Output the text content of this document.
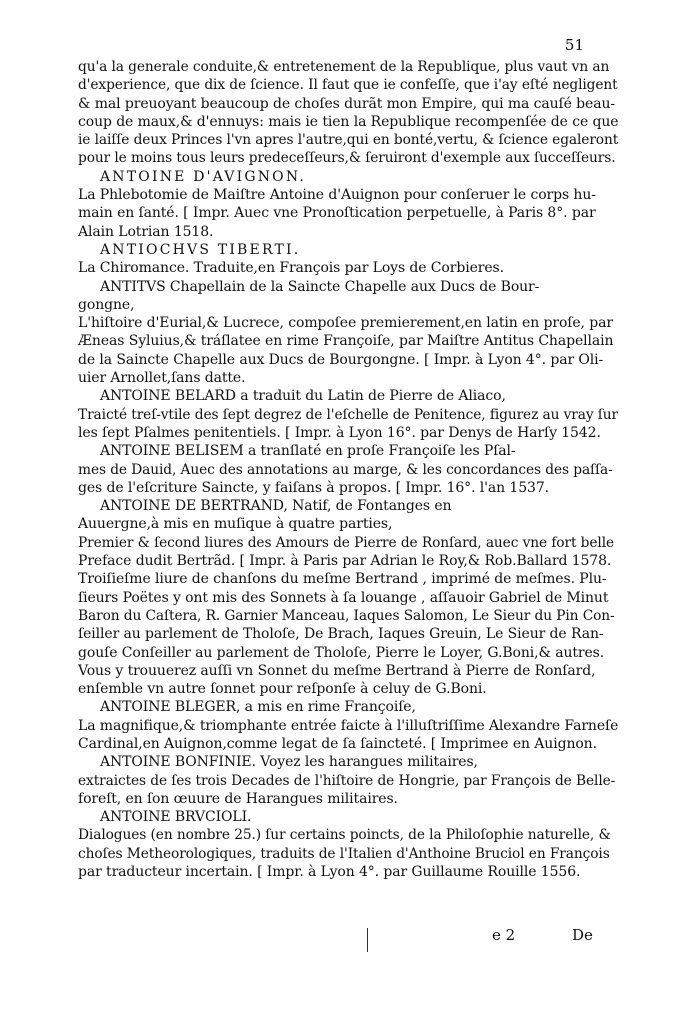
51
qu'a la generale conduite,& entretenement de la Republique, plus vaut vn an
d'experience, que dix de ſcience. Il faut que ie confeſſe, que i'ay eſté negligent
& mal preuoyant beaucoup de choſes durãt mon Empire, qui ma cauſé beau-
coup de maux,& d'ennuys: mais ie tien la Republique recompenſée de ce que
ie laiſſe deux Princes l'vn apres l'autre,qui en bonté,vertu, & ſcience egaleront
pour le moins tous leurs predeceſſeurs,& ſeruiront d'exemple aux ſucceſſeurs.
ANTOINE D'AVIGNON.
La Phlebotomie de Maiſtre Antoine d'Auignon pour conſeruer le corps hu-
main en ſanté. [ Impr. Auec vne Pronoſtication perpetuelle, à Paris 8°. par
Alain Lotrian 1518.
ANTIOCHVS TIBERTI.
La Chiromance. Traduite,en François par Loys de Corbieres.
ANTITVS Chapellain de la Saincte Chapelle aux Ducs de Bour-
gongne,
L'hiſtoire d'Eurial,& Lucrece, compoſee premierement,en latin en proſe, par
Æneas Syluius,& tráſlatee en rime Françoiſe, par Maiſtre Antitus Chapellain
de la Saincte Chapelle aux Ducs de Bourgongne. [ Impr. à Lyon 4°. par Oli-
uier Arnollet,ſans datte.
ANTOINE BELARD a traduit du Latin de Pierre de Aliaco,
Traicté treſ-vtile des ſept degrez de l'eſchelle de Penitence, figurez au vray ſur
les ſept Pſalmes penitentiels. [ Impr. à Lyon 16°. par Denys de Harſy 1542.
ANTOINE BELISEM a tranſlaté en proſe Françoiſe les Pſal-
mes de Dauid, Auec des annotations au marge, & les concordances des paſſa-
ges de l'eſcriture Saincte, y faiſans à propos. [ Impr. 16°. l'an 1537.
ANTOINE DE BERTRAND, Natif, de Fontanges en
Auuergne,à mis en muſique à quatre parties,
Premier & ſecond liures des Amours de Pierre de Ronſard, auec vne fort belle
Preface dudit Bertrãd. [ Impr. à Paris par Adrian le Roy,& Rob.Ballard 1578.
Troiſieſme liure de chanſons du meſme Bertrand , imprimé de meſmes. Plu-
ſieurs Poëtes y ont mis des Sonnets à ſa louange , aſſauoir Gabriel de Minut
Baron du Caſtera, R. Garnier Manceau, Iaques Salomon, Le Sieur du Pin Con-
ſeiller au parlement de Tholoſe, De Brach, Iaques Greuin, Le Sieur de Ran-
gouſe Conſeiller au parlement de Tholoſe, Pierre le Loyer, G.Boni,& autres.
Vous y trouuerez auſſi vn Sonnet du meſme Bertrand à Pierre de Ronſard,
enſemble vn autre ſonnet pour reſponſe à celuy de G.Boni.
ANTOINE BLEGER, a mis en rime Françoiſe,
La magnifique,& triomphante entrée faicte à l'illuſtriſſime Alexandre Farneſe
Cardinal,en Auignon,comme legat de ſa ſaincteté. [ Imprimee en Auignon.
ANTOINE BONFINIE. Voyez les harangues militaires,
extraictes de ſes trois Decades de l'hiſtoire de Hongrie, par François de Belle-
foreſt, en ſon œuure de Harangues militaires.
ANTOINE BRVCIOLI.
Dialogues (en nombre 25.) ſur certains poincts, de la Philoſophie naturelle, &
choſes Metheorologiques, traduits de l'Italien d'Anthoine Bruciol en François
par traducteur incertain. [ Impr. à Lyon 4°. par Guillaume Rouille 1556.
e 2	De
